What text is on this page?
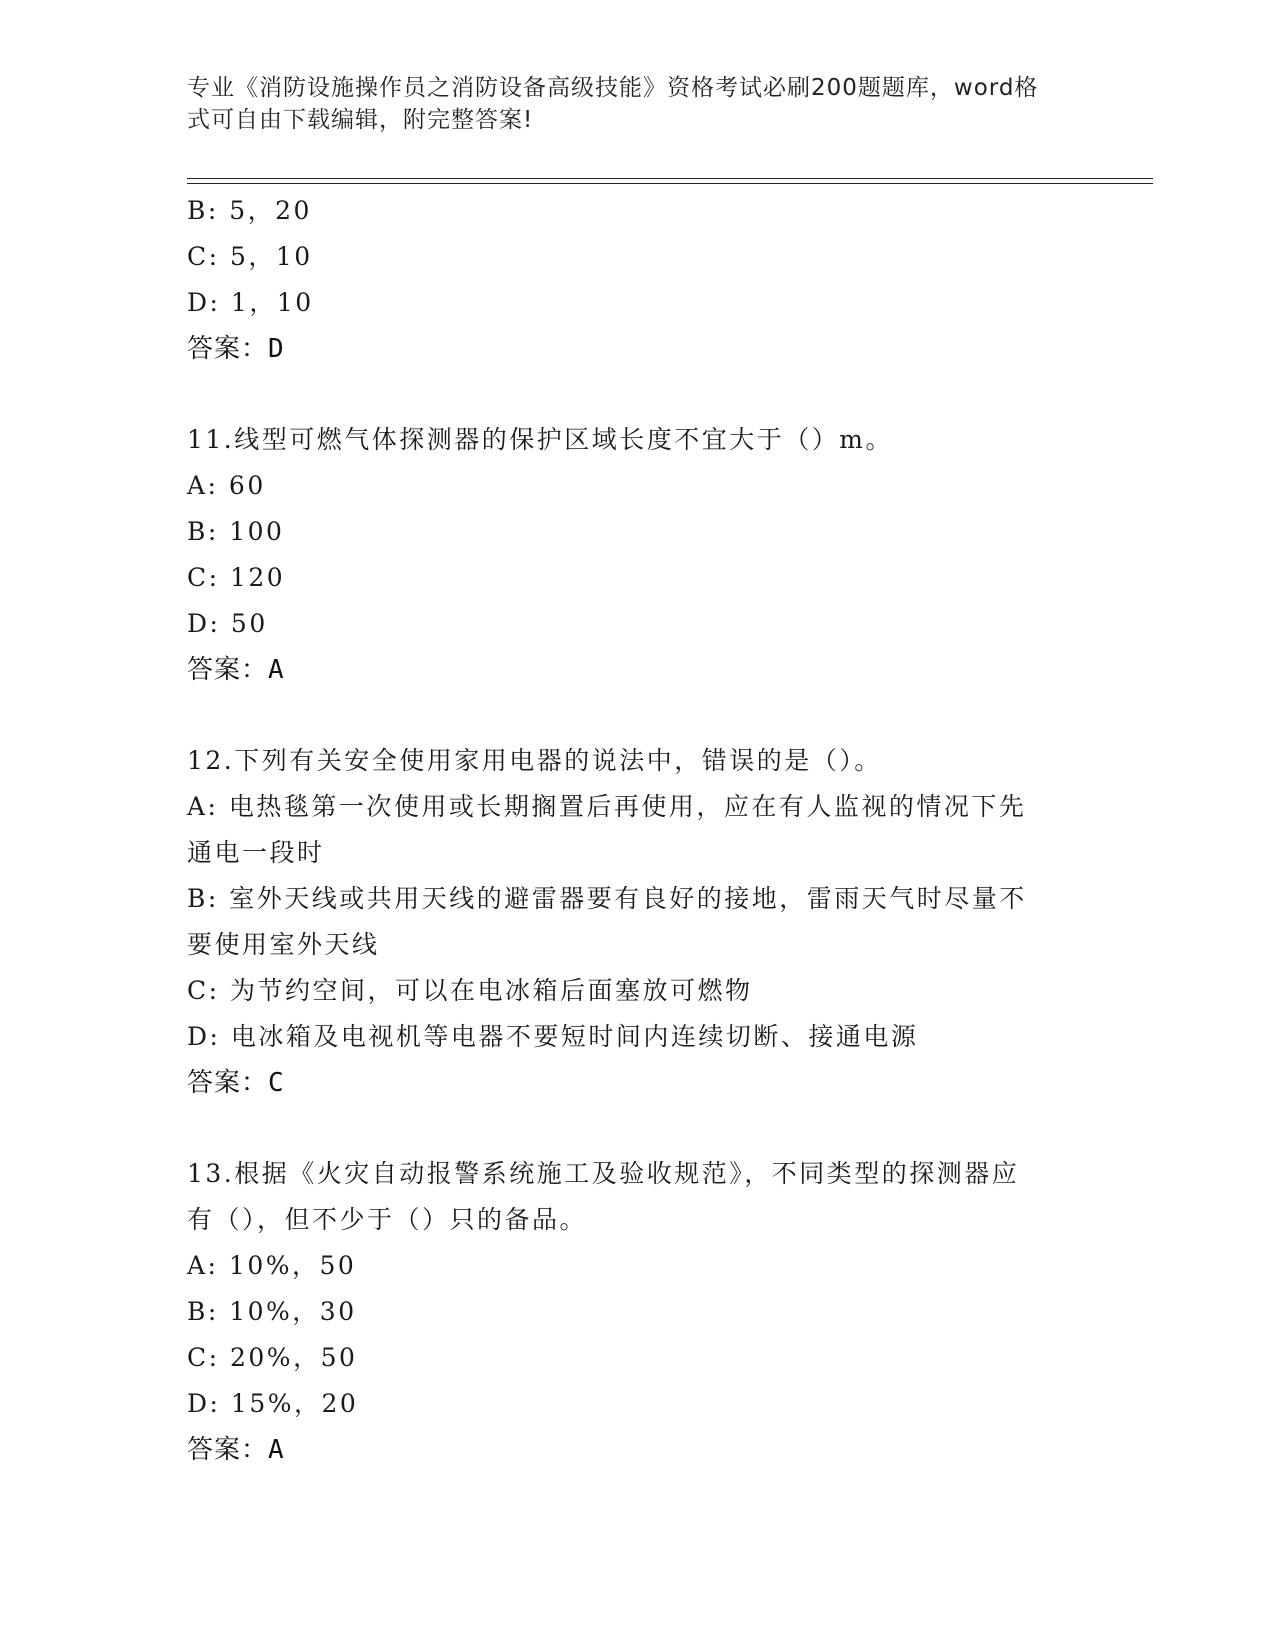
专业《消防设施操作员之消防设备高级技能》资格考试必刷200题题库，word格
式可自由下载编辑，附完整答案!
B: 5，20
C: 5，10
D: 1，10
答案：D
11.线型可燃气体探测器的保护区域长度不宜大于（）m。
A: 60
B: 100
C: 120
D: 50
答案：A
12.下列有关安全使用家用电器的说法中，错误的是（）。
A: 电热毯第一次使用或长期搁置后再使用，应在有人监视的情况下先
通电一段时
B: 室外天线或共用天线的避雷器要有良好的接地，雷雨天气时尽量不
要使用室外天线
C: 为节约空间，可以在电冰箱后面塞放可燃物
D: 电冰箱及电视机等电器不要短时间内连续切断、接通电源
答案：C
13.根据《火灾自动报警系统施工及验收规范》，不同类型的探测器应
有（），但不少于（）只的备品。
A: 10%，50
B: 10%，30
C: 20%，50
D: 15%，20
答案：A
